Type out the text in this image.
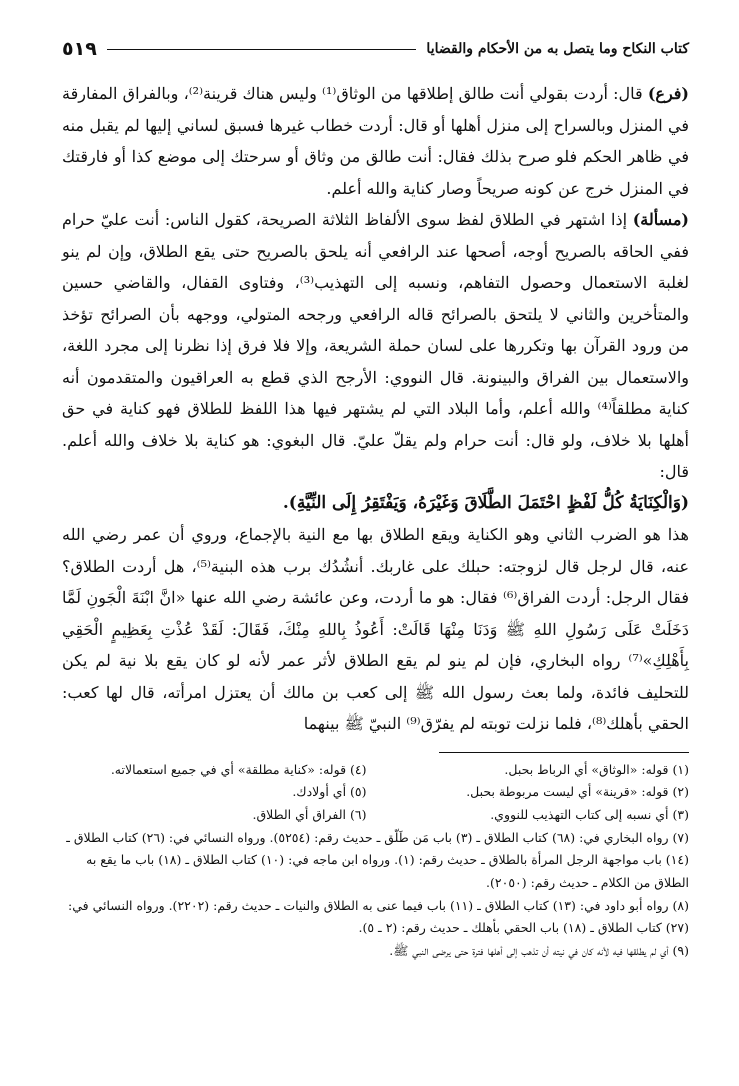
كتاب النكاح وما يتصل به من الأحكام والقضايا
٥١٩

(فرع) قال: أردت بقولي أنت طالق إطلاقها من الوثاق⁽¹⁾ وليس هناك قرينة⁽²⁾، وبالفراق المفارقة في المنزل وبالسراح إلى منزل أهلها أو قال: أردت خطاب غيرها فسبق لساني إليها لم يقبل منه في ظاهر الحكم فلو صرح بذلك فقال: أنت طالق من وثاق أو سرحتك إلى موضع كذا أو فارقتك في المنزل خرج عن كونه صريحاً وصار كناية والله أعلم.

(مسألة) إذا اشتهر في الطلاق لفظ سوى الألفاظ الثلاثة الصريحة، كقول الناس: أنت عليّ حرام ففي الحاقه بالصريح أوجه، أصحها عند الرافعي أنه يلحق بالصريح حتى يقع الطلاق، وإن لم ينو لغلبة الاستعمال وحصول التفاهم، ونسبه إلى التهذيب⁽³⁾، وفتاوى القفال، والقاضي حسين والمتأخرين والثاني لا يلتحق بالصرائح قاله الرافعي ورجحه المتولي، ووجهه بأن الصرائح تؤخذ من ورود القرآن بها وتكررها على لسان حملة الشريعة، وإلا فلا فرق إذا نظرنا إلى مجرد اللغة، والاستعمال بين الفراق والبينونة. قال النووي: الأرجح الذي قطع به العراقيون والمتقدمون أنه كناية مطلقاً⁽⁴⁾ والله أعلم، وأما البلاد التي لم يشتهر فيها هذا اللفظ للطلاق فهو كناية في حق أهلها بلا خلاف، ولو قال: أنت حرام ولم يقلّ عليّ. قال البغوي: هو كناية بلا خلاف والله أعلم. قال:

(وَالْكِنَايَةُ كُلُّ لَفْظٍ احْتَمَلَ الطَّلَاقَ وَغَيْرَهُ، وَيَفْتَقِرُ إِلَى النِّيَّةِ).

هذا هو الضرب الثاني وهو الكناية ويقع الطلاق بها مع النية بالإجماع، وروي أن عمر رضي الله عنه، قال لرجل قال لزوجته: حبلك على غاربك. أنشُدُك برب هذه البنية⁽⁵⁾، هل أردت الطلاق؟ فقال الرجل: أردت الفراق⁽⁶⁾ فقال: هو ما أردت، وعن عائشة رضي الله عنها «انَّ ابْنَةَ الْجَونِ لَمَّا دَخَلَتْ عَلَى رَسُولِ اللهِ ﷺ وَدَنَا مِنْهَا قَالَتْ: أَعُوذُ بِاللهِ مِنْكَ، فَقَالَ: لَقَدْ عُذْتِ بِعَظِيمٍ الْحَقِي بِأَهْلِكِ»⁽⁷⁾ رواه البخاري، فإن لم ينو لم يقع الطلاق لأثر عمر لأنه لو كان يقع بلا نية لم يكن للتحليف فائدة، ولما بعث رسول الله ﷺ إلى كعب بن مالك أن يعتزل امرأته، قال لها كعب: الحقي بأهلك⁽⁸⁾، فلما نزلت توبته لم يفرّق⁽⁹⁾ النبيّ ﷺ بينهما

(١) قوله: «الوثاق» أي الرباط بحبل.

(٤) قوله: «كناية مطلقة» أي في جميع استعمالاته.

(٢) قوله: «قرينة» أي ليست مربوطة بحبل.

(٥) أي أولادك.

(٣) أي نسبه إلى كتاب التهذيب للنووي.

(٦) الفراق أي الطلاق.

(٧) رواه البخاري في: (٦٨) كتاب الطلاق ـ (٣) باب مَن طَلّق ـ حديث رقم: (٥٢٥٤). ورواه النسائي في: (٢٦) كتاب الطلاق ـ (١٤) باب مواجهة الرجل المرأة بالطلاق ـ حديث رقم: (١). ورواه ابن ماجه في: (١٠) كتاب الطلاق ـ (١٨) باب ما يقع به الطلاق من الكلام ـ حديث رقم: (٢٠٥٠).

(٨) رواه أبو داود في: (١٣) كتاب الطلاق ـ (١١) باب فيما عنى به الطلاق والنيات ـ حديث رقم: (٢٢٠٢). ورواه النسائي في: (٢٧) كتاب الطلاق ـ (١٨) باب الحقي بأهلك ـ حديث رقم: (٢ ـ ٥).

(٩) أي لم يطلقها فيه لأنه كان في نيته أن تذهب إلى أهلها فترة حتى يرضى النبي ﷺ.
